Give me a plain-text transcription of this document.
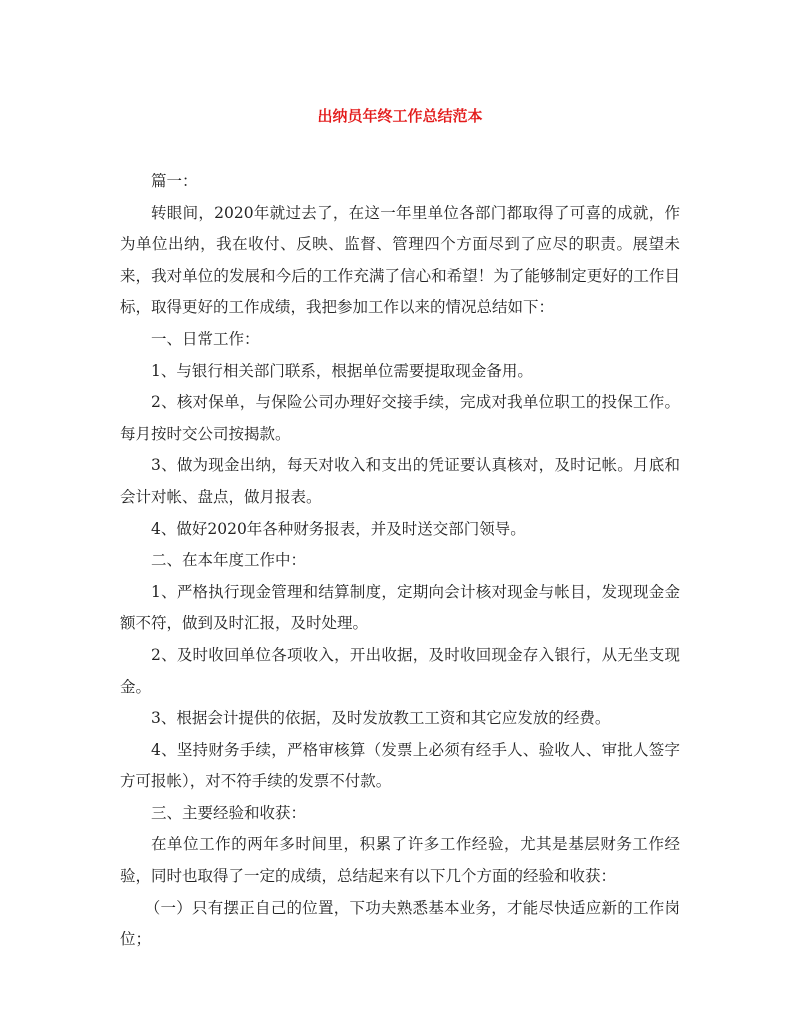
出纳员年终工作总结范本

篇一：

转眼间，2020年就过去了，在这一年里单位各部门都取得了可喜的成就，作为单位出纳，我在收付、反映、监督、管理四个方面尽到了应尽的职责。展望未来，我对单位的发展和今后的工作充满了信心和希望！为了能够制定更好的工作目标，取得更好的工作成绩，我把参加工作以来的情况总结如下：

一、日常工作：

1、与银行相关部门联系，根据单位需要提取现金备用。

2、核对保单，与保险公司办理好交接手续，完成对我单位职工的投保工作。每月按时交公司按揭款。

3、做为现金出纳，每天对收入和支出的凭证要认真核对，及时记帐。月底和会计对帐、盘点，做月报表。

4、做好2020年各种财务报表，并及时送交部门领导。

二、在本年度工作中：

1、严格执行现金管理和结算制度，定期向会计核对现金与帐目，发现现金金额不符，做到及时汇报，及时处理。

2、及时收回单位各项收入，开出收据，及时收回现金存入银行，从无坐支现金。

3、根据会计提供的依据，及时发放教工工资和其它应发放的经费。

4、坚持财务手续，严格审核算（发票上必须有经手人、验收人、审批人签字方可报帐），对不符手续的发票不付款。

三、主要经验和收获：

在单位工作的两年多时间里，积累了许多工作经验，尤其是基层财务工作经验，同时也取得了一定的成绩，总结起来有以下几个方面的经验和收获：

（一）只有摆正自己的位置，下功夫熟悉基本业务，才能尽快适应新的工作岗位；
